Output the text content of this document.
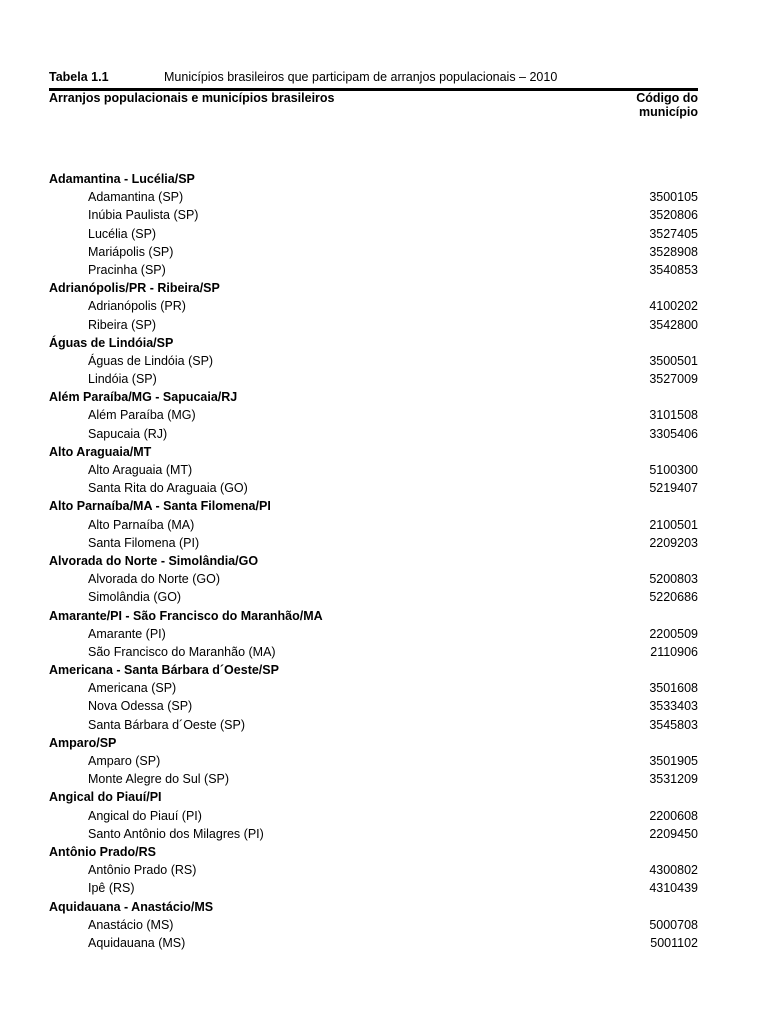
Tabela 1.1	Municípios brasileiros que participam de arranjos populacionais – 2010
Arranjos populacionais e municípios brasileiros	Código do
município
Adamantina - Lucélia/SP
Adamantina (SP)	3500105
Inúbia Paulista (SP)	3520806
Lucélia (SP)	3527405
Mariápolis (SP)	3528908
Pracinha (SP)	3540853
Adrianópolis/PR - Ribeira/SP
Adrianópolis (PR)	4100202
Ribeira (SP)	3542800
Águas de Lindóia/SP
Águas de Lindóia (SP)	3500501
Lindóia (SP)	3527009
Além Paraíba/MG - Sapucaia/RJ
Além Paraíba (MG)	3101508
Sapucaia (RJ)	3305406
Alto Araguaia/MT
Alto Araguaia (MT)	5100300
Santa Rita do Araguaia (GO)	5219407
Alto Parnaíba/MA - Santa Filomena/PI
Alto Parnaíba (MA)	2100501
Santa Filomena (PI)	2209203
Alvorada do Norte - Simolândia/GO
Alvorada do Norte (GO)	5200803
Simolândia (GO)	5220686
Amarante/PI - São Francisco do Maranhão/MA
Amarante (PI)	2200509
São Francisco do Maranhão (MA)	2110906
Americana - Santa Bárbara d´Oeste/SP
Americana (SP)	3501608
Nova Odessa (SP)	3533403
Santa Bárbara d´Oeste (SP)	3545803
Amparo/SP
Amparo (SP)	3501905
Monte Alegre do Sul (SP)	3531209
Angical do Piauí/PI
Angical do Piauí (PI)	2200608
Santo Antônio dos Milagres (PI)	2209450
Antônio Prado/RS
Antônio Prado (RS)	4300802
Ipê (RS)	4310439
Aquidauana - Anastácio/MS
Anastácio (MS)	5000708
Aquidauana (MS)	5001102
